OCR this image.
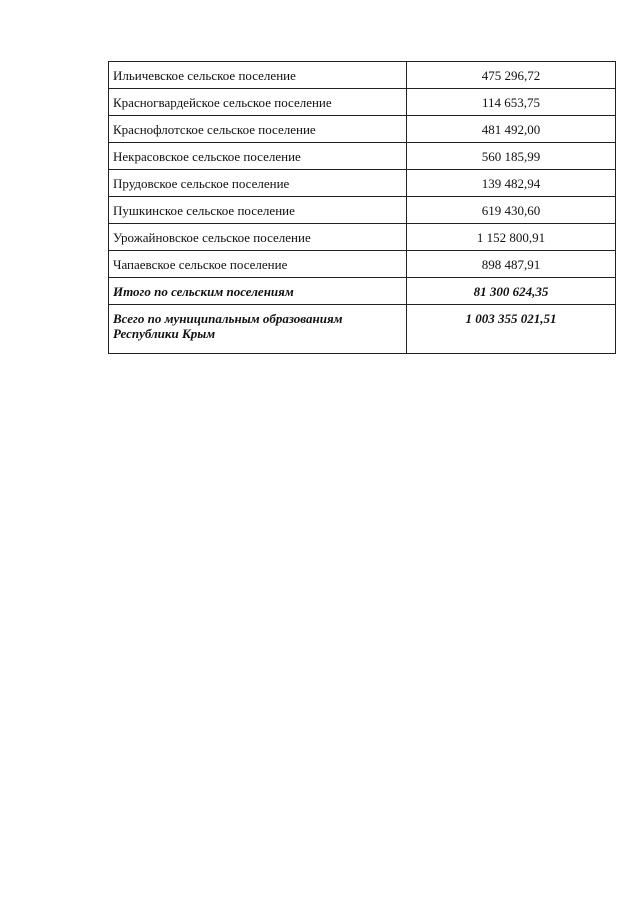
Ильичевское сельское поселение	475 296,72
Красногвардейское сельское поселение	114 653,75
Краснофлотское сельское поселение	481 492,00
Некрасовское сельское поселение	560 185,99
Прудовское сельское поселение	139 482,94
Пушкинское сельское поселение	619 430,60
Урожайновское сельское поселение	1 152 800,91
Чапаевское сельское поселение	898 487,91
Итого по сельским поселениям	81 300 624,35
Всего по муниципальным образованиям Республики Крым	1 003 355 021,51
